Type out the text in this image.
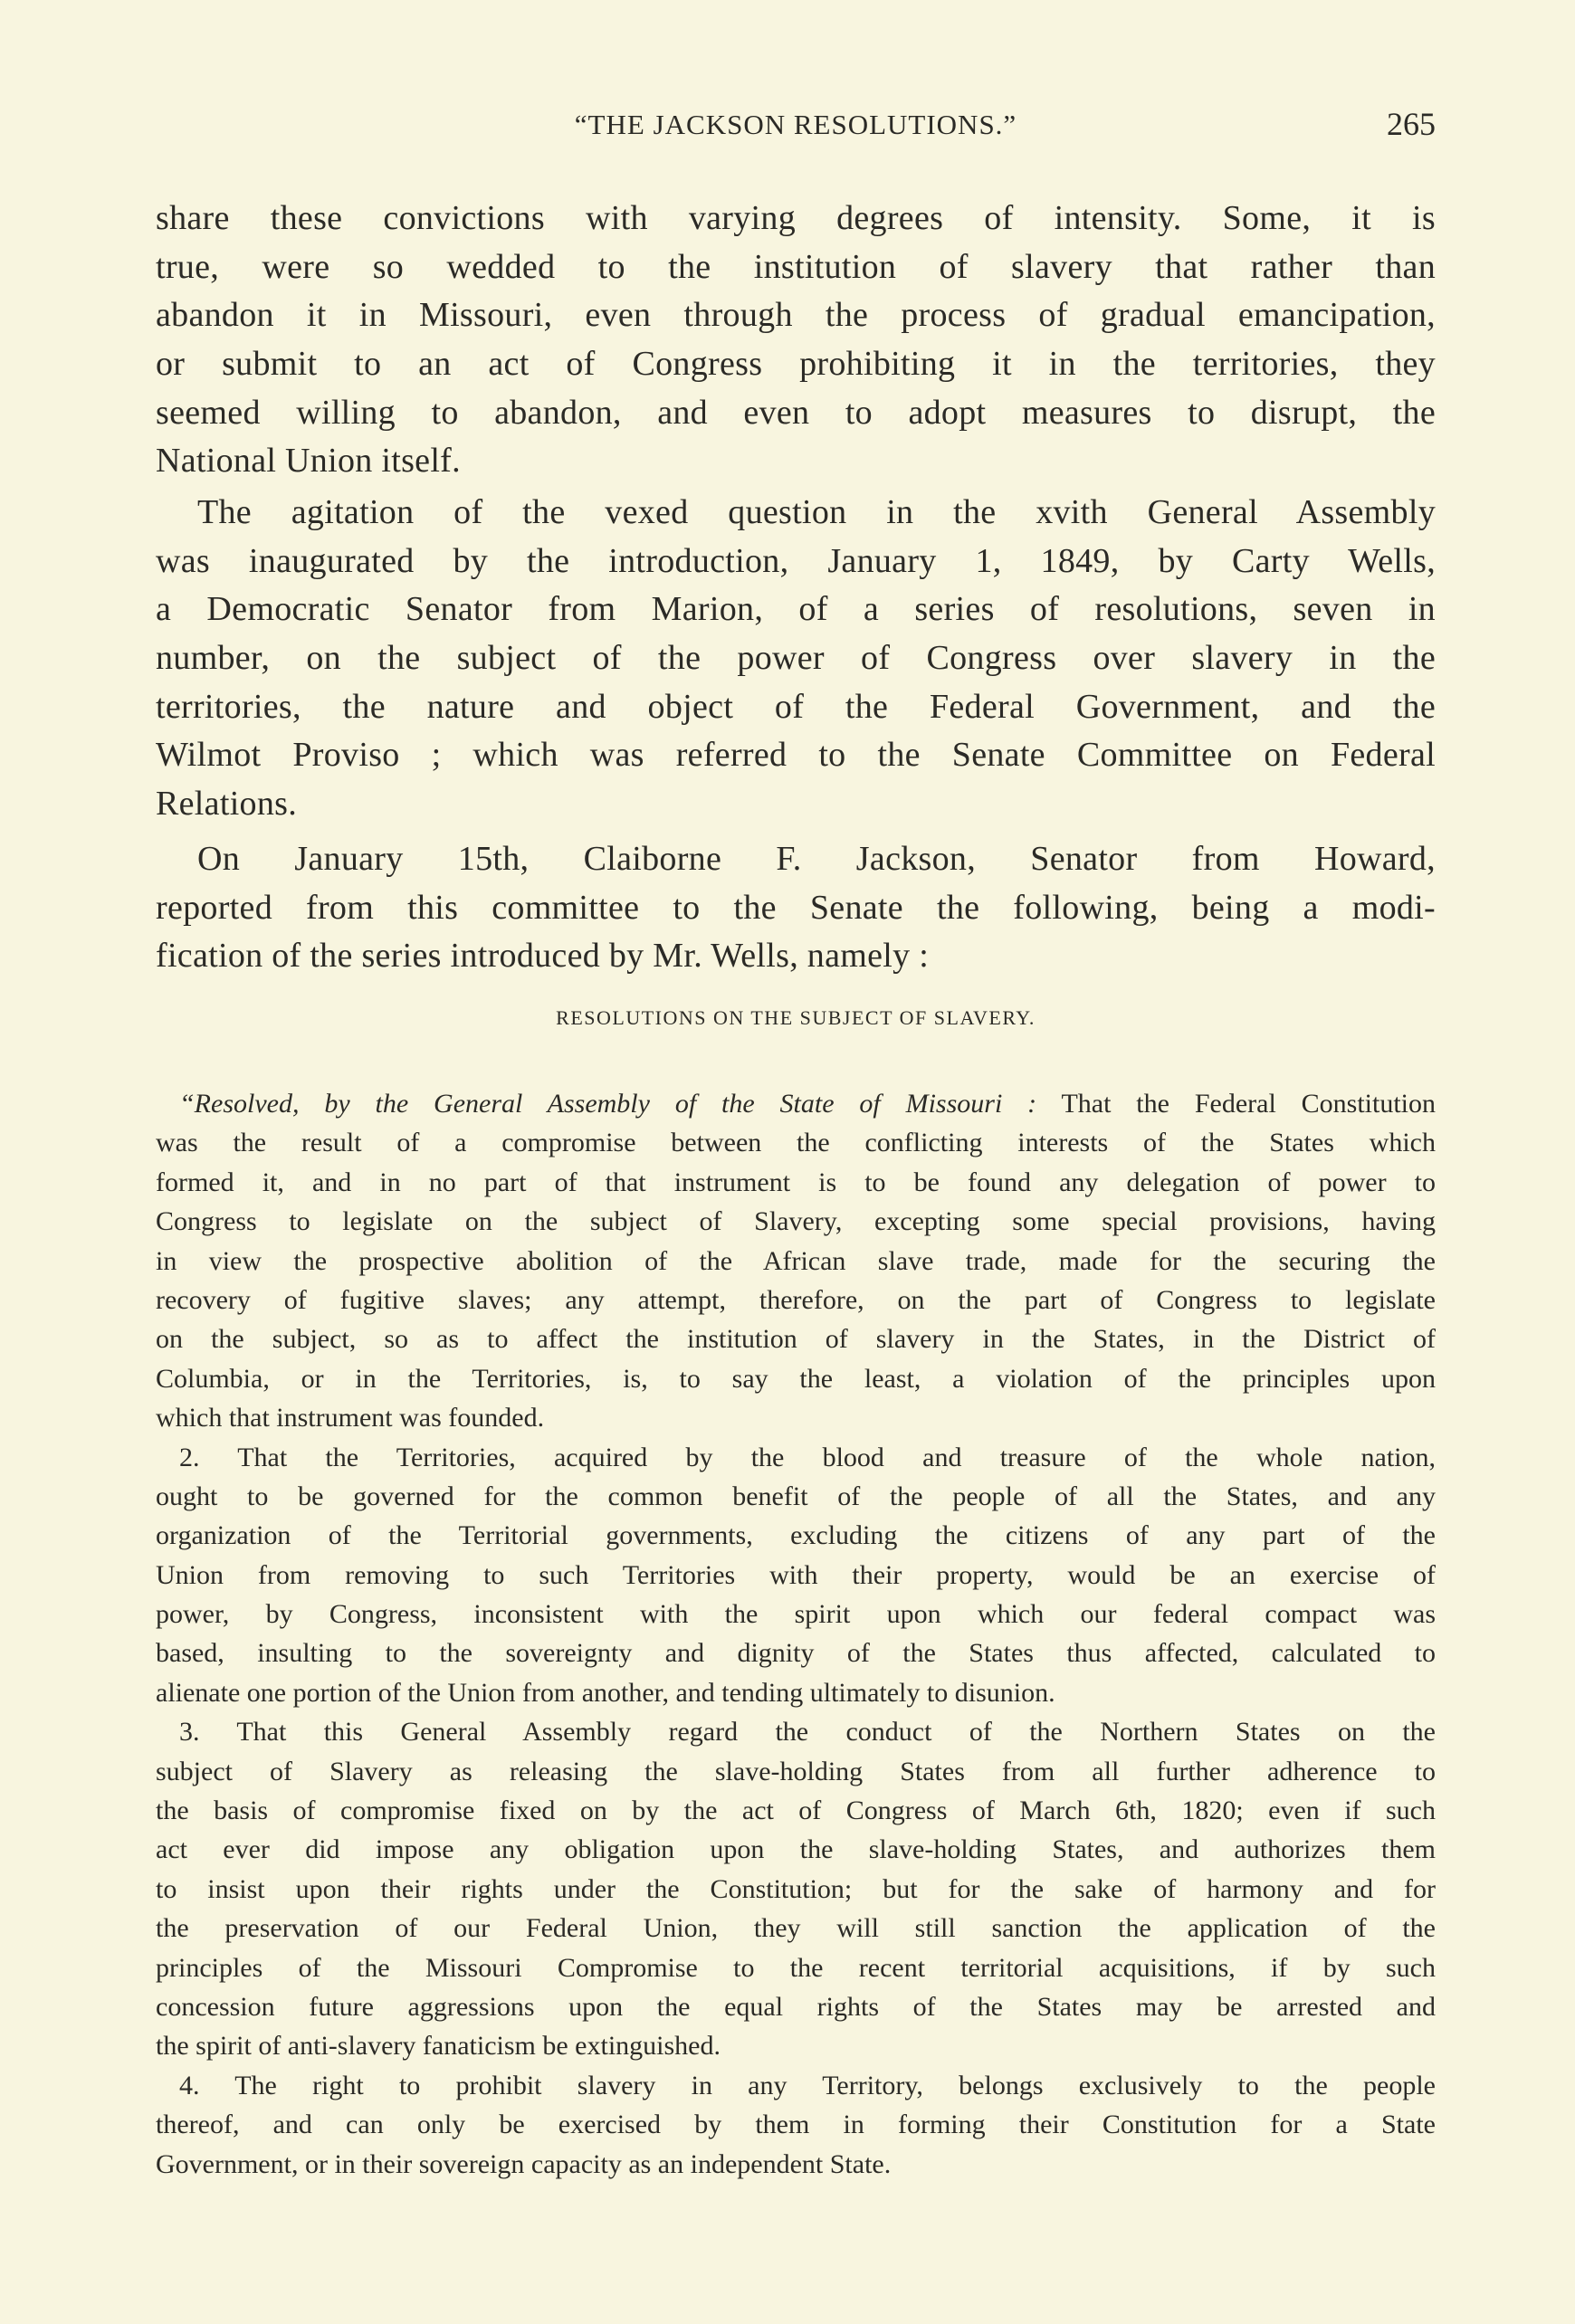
“THE JACKSON RESOLUTIONS.”	265
share these convictions with varying degrees of intensity. Some, it is
true, were so wedded to the institution of slavery that rather than
abandon it in Missouri, even through the process of gradual emancipation,
or submit to an act of Congress prohibiting it in the territories, they
seemed willing to abandon, and even to adopt measures to disrupt, the
National Union itself.
The agitation of the vexed question in the xvith General Assembly
was inaugurated by the introduction, January 1, 1849, by Carty Wells,
a Democratic Senator from Marion, of a series of resolutions, seven in
number, on the subject of the power of Congress over slavery in the
territories, the nature and object of the Federal Government, and the
Wilmot Proviso ; which was referred to the Senate Committee on Federal
Relations.
On January 15th, Claiborne F. Jackson, Senator from Howard,
reported from this committee to the Senate the following, being a modi-
fication of the series introduced by Mr. Wells, namely :
RESOLUTIONS ON THE SUBJECT OF SLAVERY.
“Resolved, by the General Assembly of the State of Missouri : That the Federal Constitution
was the result of a compromise between the conflicting interests of the States which
formed it, and in no part of that instrument is to be found any delegation of power to
Congress to legislate on the subject of Slavery, excepting some special provisions, having
in view the prospective abolition of the African slave trade, made for the securing the
recovery of fugitive slaves; any attempt, therefore, on the part of Congress to legislate
on the subject, so as to affect the institution of slavery in the States, in the District of
Columbia, or in the Territories, is, to say the least, a violation of the principles upon
which that instrument was founded.
2. That the Territories, acquired by the blood and treasure of the whole nation,
ought to be governed for the common benefit of the people of all the States, and any
organization of the Territorial governments, excluding the citizens of any part of the
Union from removing to such Territories with their property, would be an exercise of
power, by Congress, inconsistent with the spirit upon which our federal compact was
based, insulting to the sovereignty and dignity of the States thus affected, calculated to
alienate one portion of the Union from another, and tending ultimately to disunion.
3. That this General Assembly regard the conduct of the Northern States on the
subject of Slavery as releasing the slave-holding States from all further adherence to
the basis of compromise fixed on by the act of Congress of March 6th, 1820; even if such
act ever did impose any obligation upon the slave-holding States, and authorizes them
to insist upon their rights under the Constitution; but for the sake of harmony and for
the preservation of our Federal Union, they will still sanction the application of the
principles of the Missouri Compromise to the recent territorial acquisitions, if by such
concession future aggressions upon the equal rights of the States may be arrested and
the spirit of anti-slavery fanaticism be extinguished.
4. The right to prohibit slavery in any Territory, belongs exclusively to the people
thereof, and can only be exercised by them in forming their Constitution for a State
Government, or in their sovereign capacity as an independent State.
